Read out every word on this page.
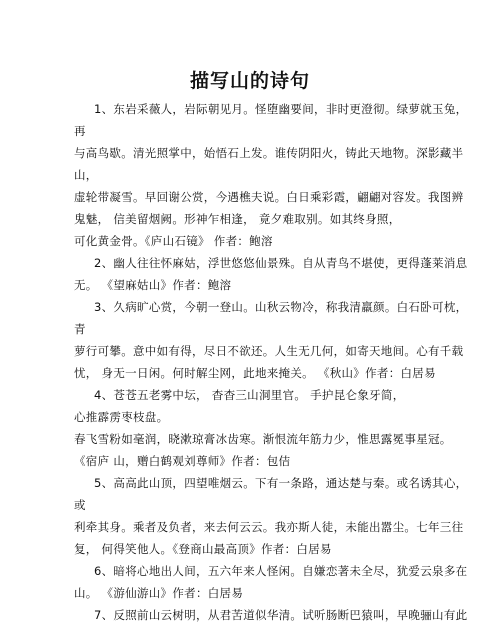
描写山的诗句
1、东岩采薇人，岩际朝见月。怪堕幽要间，非时更澄彻。绿萝就玉兔，
再
与高鸟歇。清光照掌中，始悟石上发。谁传阴阳火，铸此天地物。深影藏半
山，
虚轮带凝雪。早回谢公赏，今遇樵夫说。白日乘彩霞，翩翩对容发。我图辨
鬼魅， 信美留烟阙。形神乍相逢， 竟夕难取别。如其终身照，
可化黄金骨。《庐山石镜》 作者：鲍溶
2、幽人往往怀麻姑，浮世悠悠仙景殊。自从青鸟不堪使，更得蓬莱消息
无。 《望麻姑山》作者：鲍溶
3、久病旷心赏，今朝一登山。山秋云物冷，称我清羸颜。白石卧可枕，
青
萝行可攀。意中如有得，尽日不欲还。人生无几何，如寄天地间。心有千载
忧， 身无一日闲。何时解尘网，此地来掩关。 《秋山》作者：白居易
4、苍苍五老雾中坛， 杳杳三山洞里官。 手护昆仑象牙简，
心推霹雳枣枝盘。
春飞雪粉如毫润，晓漱琼膏冰齿寒。渐恨流年筋力少，惟思露冕事星冠。
《宿庐 山，赠白鹤观刘尊师》作者：包佶
5、高高此山顶，四望唯烟云。下有一条路，通达楚与秦。或名诱其心，
或
利牵其身。乘者及负者，来去何云云。我亦斯人徒，未能出嚣尘。七年三往
复， 何得笑他人。《登商山最高顶》作者：白居易
6、暗将心地出人间，五六年来人怪闲。自嫌恋著未全尽，犹爱云泉多在
山。 《游仙游山》作者：白居易
7、反照前山云树明，从君苦道似华清。试听肠断巴猿叫，早晚骊山有此
